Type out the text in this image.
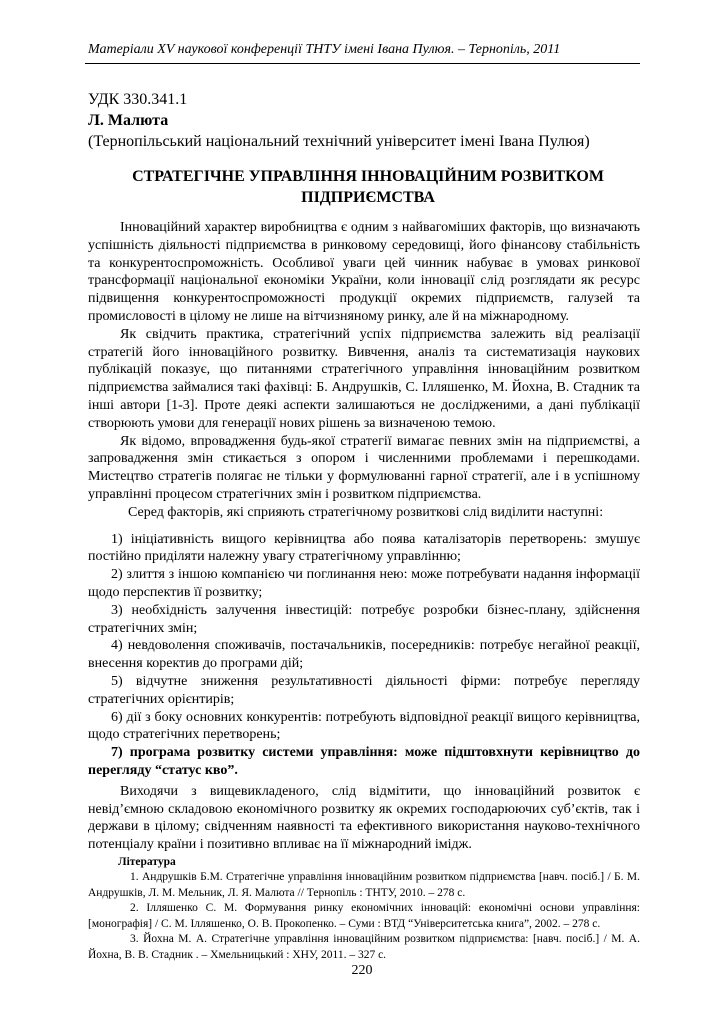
Матеріали XV наукової конференції ТНТУ імені Івана Пулюя. – Тернопіль, 2011
УДК 330.341.1
Л. Малюта
(Тернопільський національний технічний університет імені Івана Пулюя)
СТРАТЕГІЧНЕ УПРАВЛІННЯ ІННОВАЦІЙНИМ РОЗВИТКОМ ПІДПРИЄМСТВА

Інноваційний характер виробництва є одним з найвагоміших факторів, що визначають успішність діяльності підприємства в ринковому середовищі, його фінансову стабільність та конкурентоспроможність. Особливої уваги цей чинник набуває в умовах ринкової трансформації національної економіки України, коли інновації слід розглядати як ресурс підвищення конкурентоспроможності продукції окремих підприємств, галузей та промисловості в цілому не лише на вітчизняному ринку, але й на міжнародному.

Як свідчить практика, стратегічний успіх підприємства залежить від реалізації стратегій його інноваційного розвитку. Вивчення, аналіз та систематизація наукових публікацій показує, що питаннями стратегічного управління інноваційним розвитком підприємства займалися такі фахівці: Б. Андрушків, С. Ілляшенко, М. Йохна, В. Стадник та інші автори [1-3]. Проте деякі аспекти залишаються не дослідженими, а дані публікації створюють умови для генерації нових рішень за визначеною темою.

Як відомо, впровадження будь-якої стратегії вимагає певних змін на підприємстві, а запровадження змін стикається з опором і численними проблемами і перешкодами. Мистецтво стратегів полягає не тільки у формулюванні гарної стратегії, але і в успішному управлінні процесом стратегічних змін і розвитком підприємства.

Серед факторів, які сприяють стратегічному розвиткові слід виділити наступні:

1) ініціативність вищого керівництва або поява каталізаторів перетворень: змушує постійно приділяти належну увагу стратегічному управлінню;
2) злиття з іншою компанією чи поглинання нею: може потребувати надання інформації щодо перспектив її розвитку;
3) необхідність залучення інвестицій: потребує розробки бізнес-плану, здійснення стратегічних змін;
4) невдоволення споживачів, постачальників, посередників: потребує негайної реакції, внесення коректив до програми дій;
5) відчутне зниження результативності діяльності фірми: потребує перегляду стратегічних орієнтирів;
6) дії з боку основних конкурентів: потребують відповідної реакції вищого керівництва, щодо стратегічних перетворень;
7) програма розвитку системи управління: може підштовхнути керівництво до перегляду “статус кво”.

Виходячи з вищевикладеного, слід відмітити, що інноваційний розвиток є невід’ємною складовою економічного розвитку як окремих господарюючих суб’єктів, так і держави в цілому; свідченням наявності та ефективного використання науково-технічного потенціалу країни і позитивно впливає на її міжнародний імідж.

Література
1. Андрушків Б.М. Стратегічне управління інноваційним розвитком підприємства [навч. посіб.] / Б. М. Андрушків, Л. М. Мельник, Л. Я. Малюта // Тернопіль : ТНТУ, 2010. – 278 с.
2. Ілляшенко С. М. Формування ринку економічних інновацій: економічні основи управління: [монографія] / С. М. Ілляшенко, О. В. Прокопенко. – Суми : ВТД “Університетська книга”, 2002. – 278 с.
3. Йохна М. А. Стратегічне управління інноваційним розвитком підприємства: [навч. посіб.] / М. А. Йохна, В. В. Стадник . – Хмельницький : ХНУ, 2011. – 327 с.
220
